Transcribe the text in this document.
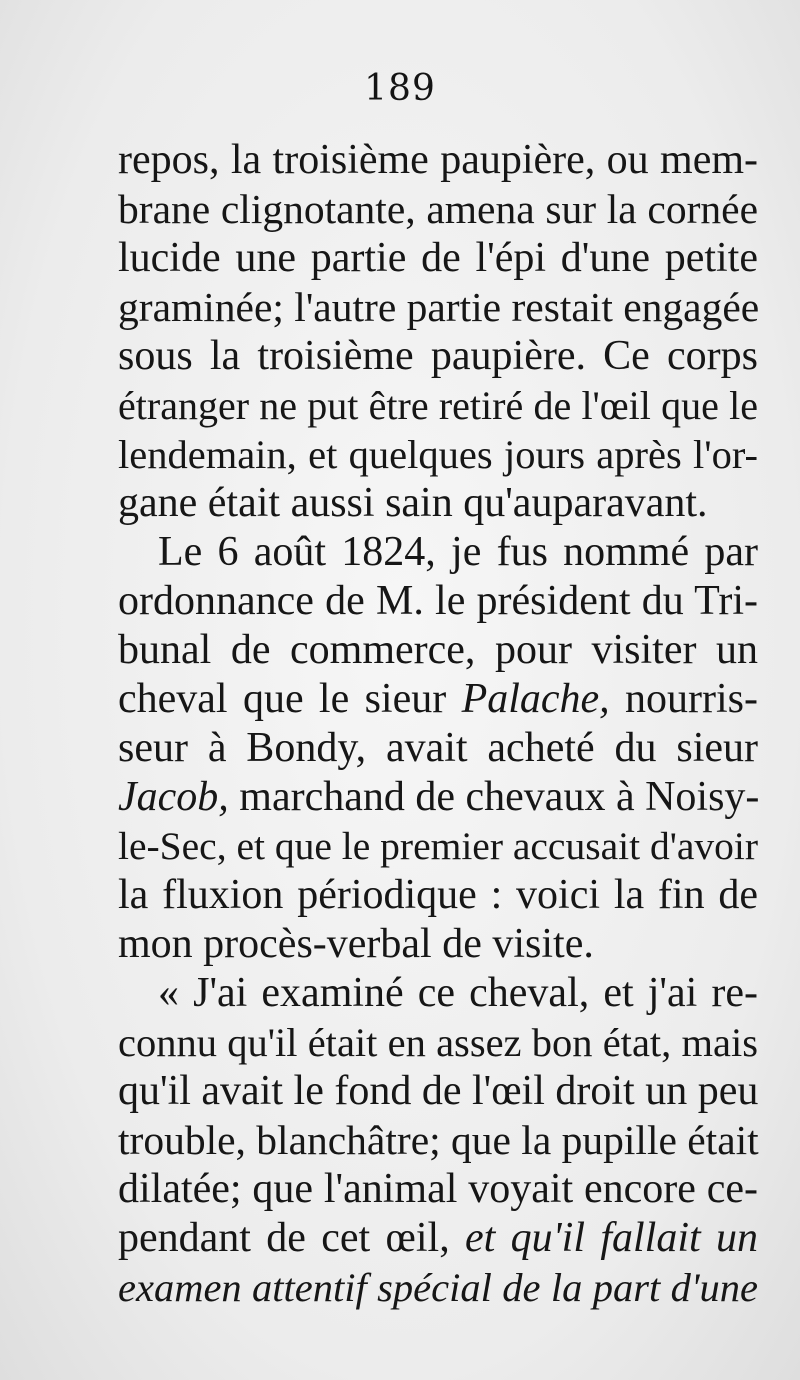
189
repos, la troisième paupière, ou mem-
brane clignotante, amena sur la cornée
lucide une partie de l'épi d'une petite
graminée; l'autre partie restait engagée
sous la troisième paupière. Ce corps
étranger ne put être retiré de l'œil que le
lendemain, et quelques jours après l'or-
gane était aussi sain qu'auparavant.
Le 6 août 1824, je fus nommé par
ordonnance de M. le président du Tri-
bunal de commerce, pour visiter un
cheval que le sieur Palache, nourris-
seur à Bondy, avait acheté du sieur
Jacob, marchand de chevaux à Noisy-
le-Sec, et que le premier accusait d'avoir
la fluxion périodique : voici la fin de
mon procès-verbal de visite.
« J'ai examiné ce cheval, et j'ai re-
connu qu'il était en assez bon état, mais
qu'il avait le fond de l'œil droit un peu
trouble, blanchâtre; que la pupille était
dilatée; que l'animal voyait encore ce-
pendant de cet œil, et qu'il fallait un
examen attentif spécial de la part d'une
